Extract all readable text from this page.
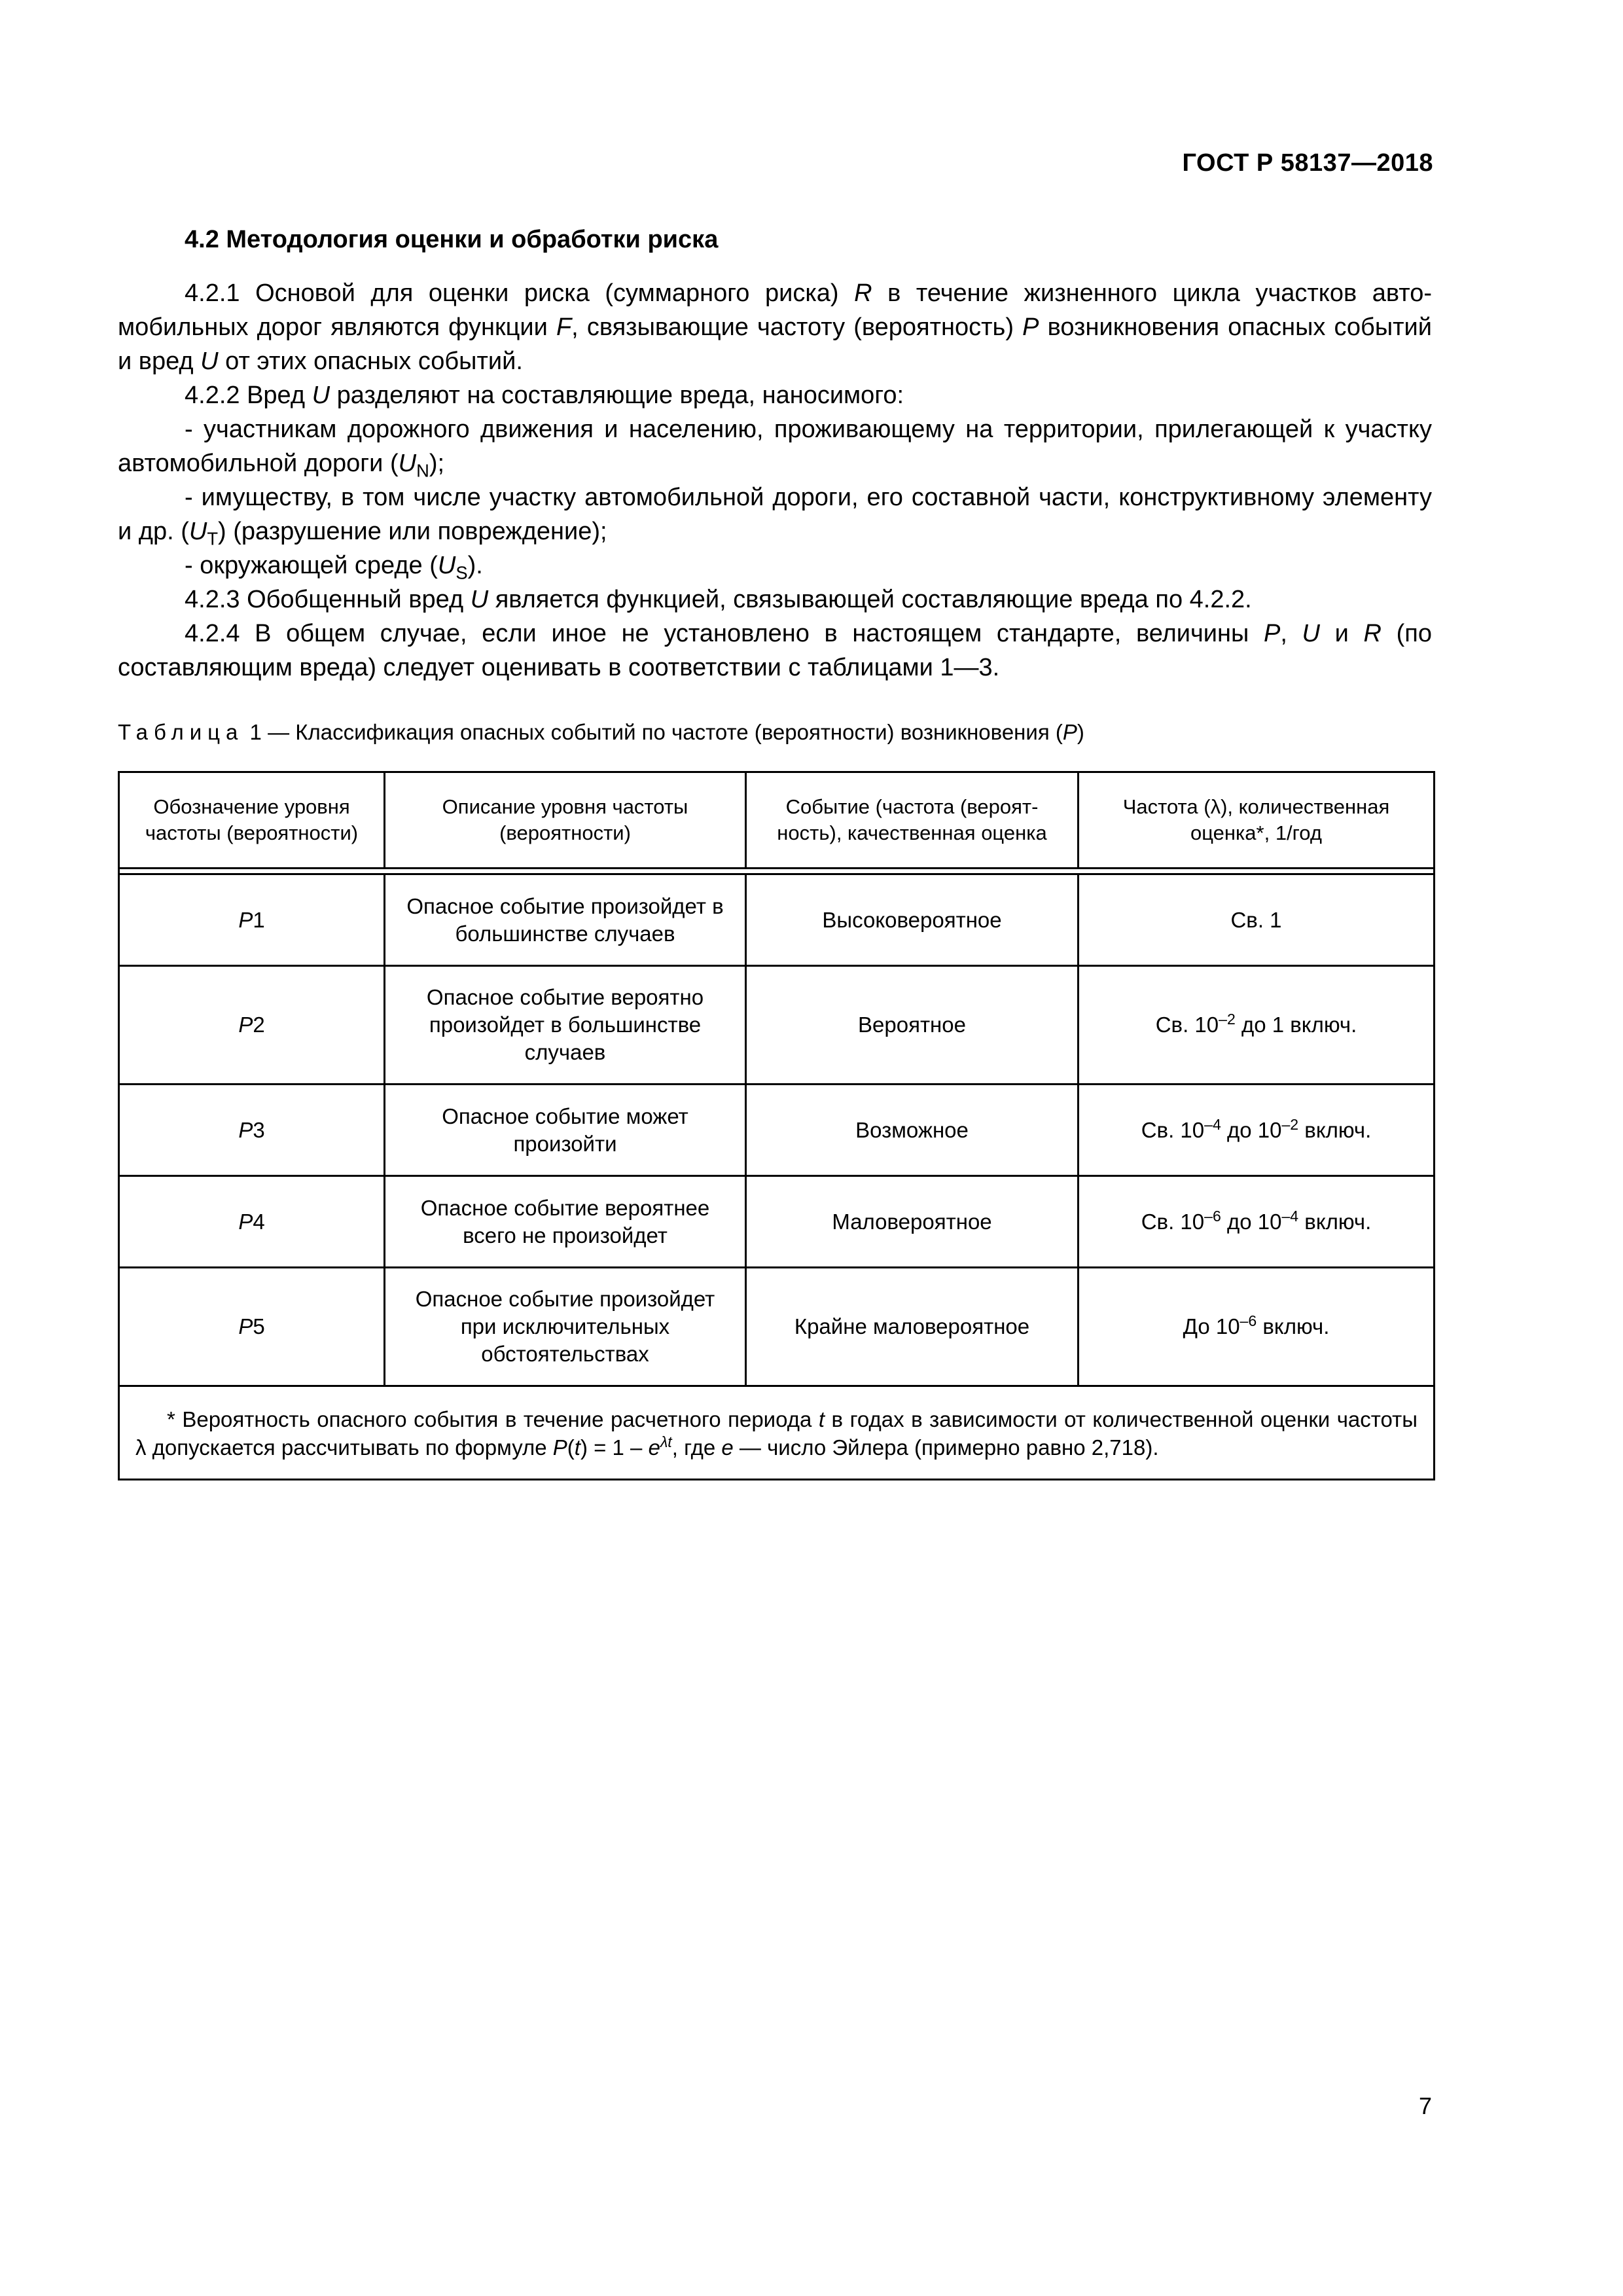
ГОСТ Р 58137—2018
4.2 Методология оценки и обработки риска

4.2.1 Основой для оценки риска (суммарного риска) R в течение жизненного цикла участков автомобильных дорог являются функции F, связывающие частоту (вероятность) P возникновения опасных событий и вред U от этих опасных событий.

4.2.2 Вред U разделяют на составляющие вреда, наносимого:

- участникам дорожного движения и населению, проживающему на территории, прилегающей к участку автомобильной дороги $(U_N)$;

- имуществу, в том числе участку автомобильной дороги, его составной части, конструктивному элементу и др. $(U_T)$ (разрушение или повреждение);

- окружающей среде $(U_S)$.

4.2.3 Обобщенный вред U является функцией, связывающей составляющие вреда по 4.2.2.

4.2.4 В общем случае, если иное не установлено в настоящем стандарте, величины P, U и R (по составляющим вреда) следует оценивать в соответствии с таблицами 1—3.

Таблица 1 — Классификация опасных событий по частоте (вероятности) возникновения (P)
Обозначение уровня частоты (вероятности)	Описание уровня частоты (вероятности)	Событие (частота (вероятность), качественная оценка	Частота (λ), количественная оценка*, 1/год

P1	Опасное событие произойдет в большинстве случаев	Высоковероятное	Св. 1
P2	Опасное событие вероятно произойдет в большинстве случаев	Вероятное	Св. $10^{-2}$ до 1 включ.
P3	Опасное событие может произойти	Возможное	Св. $10^{-4}$ до $10^{-2}$ включ.
P4	Опасное событие вероятнее всего не произойдет	Маловероятное	Св. $10^{-6}$ до $10^{-4}$ включ.
P5	Опасное событие произойдет при исключительных обстоятельствах	Крайне маловероятное	До $10^{-6}$ включ.
* Вероятность опасного события в течение расчетного периода t в годах в зависимости от количественной оценки частоты λ допускается рассчитывать по формуле $P(t) = 1 - e^{\lambda t}$, где e — число Эйлера (примерно равно 2,718).			
7
